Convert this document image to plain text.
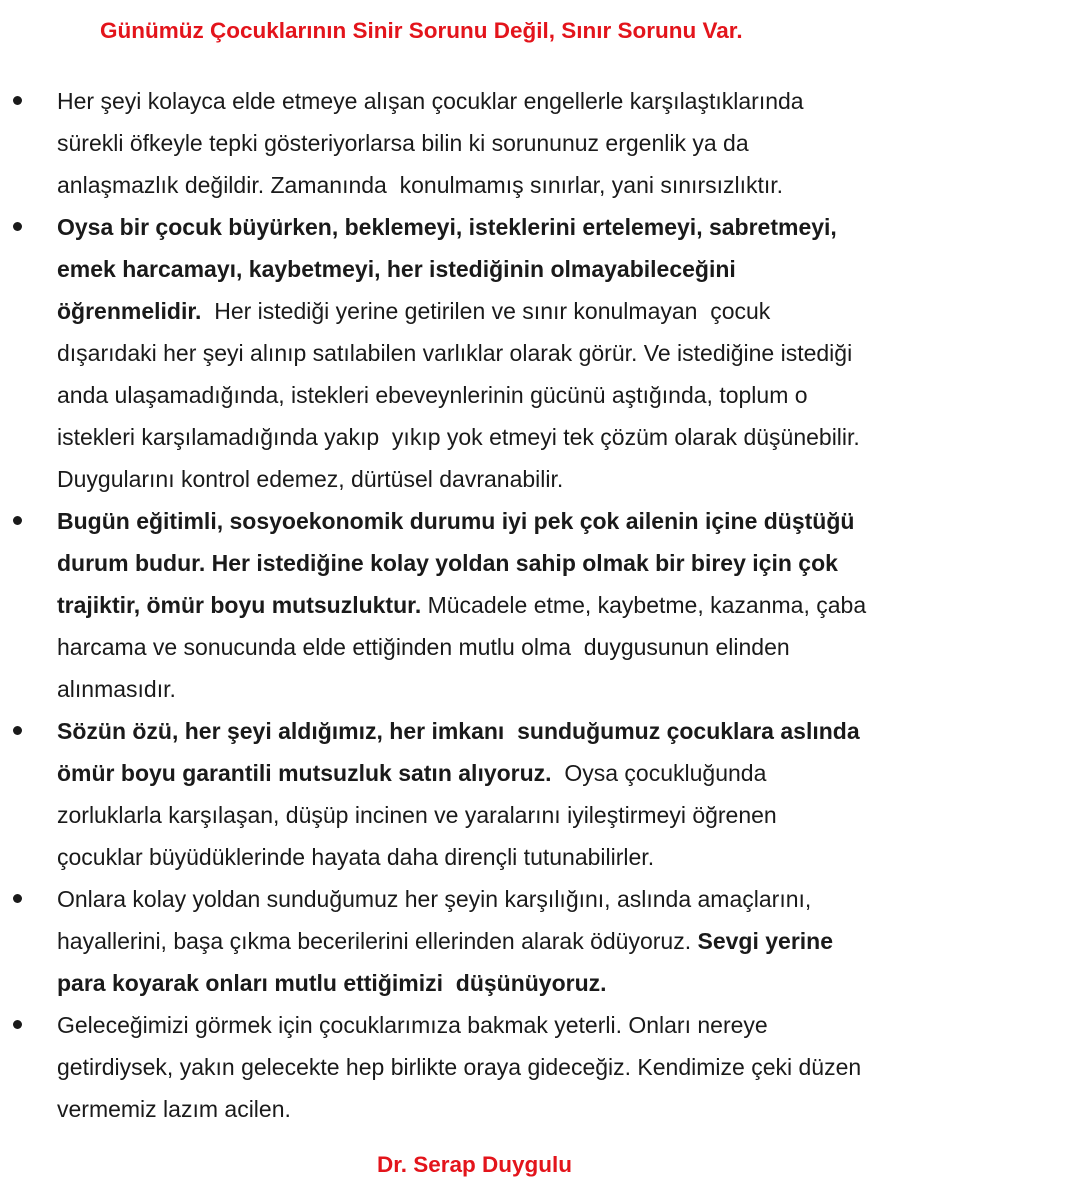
Günümüz Çocuklarının Sinir Sorunu Değil, Sınır Sorunu Var.
Her şeyi kolayca elde etmeye alışan çocuklar engellerle karşılaştıklarında
sürekli öfkeyle tepki gösteriyorlarsa bilin ki sorununuz ergenlik ya da
anlaşmazlık değildir. Zamanında  konulmamış sınırlar, yani sınırsızlıktır.
Oysa bir çocuk büyürken, beklemeyi, isteklerini ertelemeyi, sabretmeyi,
emek harcamayı, kaybetmeyi, her istediğinin olmayabileceğini
öğrenmelidir.  Her istediği yerine getirilen ve sınır konulmayan  çocuk
dışarıdaki her şeyi alınıp satılabilen varlıklar olarak görür. Ve istediğine istediği
anda ulaşamadığında, istekleri ebeveynlerinin gücünü aştığında, toplum o
istekleri karşılamadığında yakıp  yıkıp yok etmeyi tek çözüm olarak düşünebilir.
Duygularını kontrol edemez, dürtüsel davranabilir.
Bugün eğitimli, sosyoekonomik durumu iyi pek çok ailenin içine düştüğü
durum budur. Her istediğine kolay yoldan sahip olmak bir birey için çok
trajiktir, ömür boyu mutsuzluktur. Mücadele etme, kaybetme, kazanma, çaba
harcama ve sonucunda elde ettiğinden mutlu olma  duygusunun elinden
alınmasıdır.
Sözün özü, her şeyi aldığımız, her imkanı  sunduğumuz çocuklara aslında
ömür boyu garantili mutsuzluk satın alıyoruz.  Oysa çocukluğunda
zorluklarla karşılaşan, düşüp incinen ve yaralarını iyileştirmeyi öğrenen
çocuklar büyüdüklerinde hayata daha dirençli tutunabilirler.
Onlara kolay yoldan sunduğumuz her şeyin karşılığını, aslında amaçlarını,
hayallerini, başa çıkma becerilerini ellerinden alarak ödüyoruz. Sevgi yerine
para koyarak onları mutlu ettiğimizi  düşünüyoruz.
Geleceğimizi görmek için çocuklarımıza bakmak yeterli. Onları nereye
getirdiysek, yakın gelecekte hep birlikte oraya gideceğiz. Kendimize çeki düzen
vermemiz lazım acilen.
Dr. Serap Duygulu
